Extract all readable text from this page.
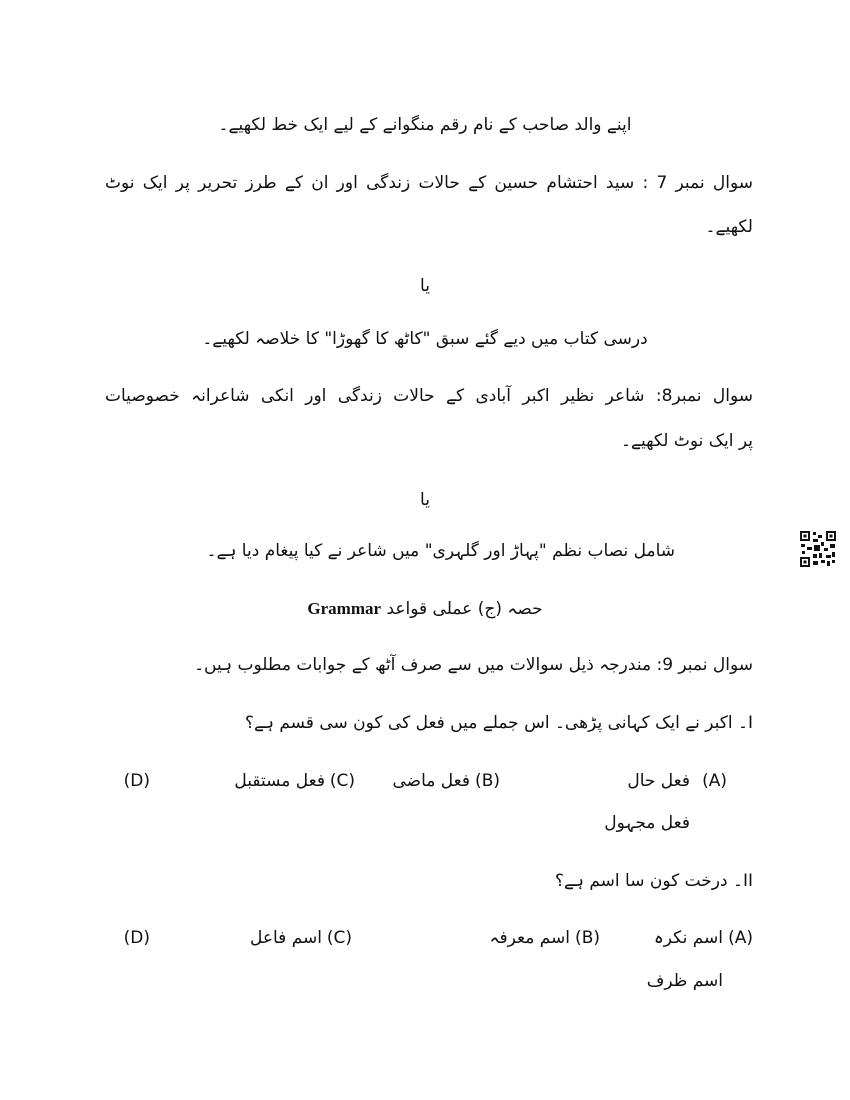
اپنے والد صاحب کے نام رقم منگوانے کے لیے ایک خط لکھیے۔
سوال نمبر 7 : سید احتشام حسین کے حالات زندگی اور ان کے طرز تحریر پر ایک نوٹ
لکھیے۔
یا
درسی کتاب میں دیے گئے سبق "کاٹھ کا گھوڑا" کا خلاصہ لکھیے۔
سوال نمبر8: شاعر نظیر اکبر آبادی کے حالات زندگی اور انکی شاعرانہ خصوصیات
پر ایک نوٹ لکھیے۔
یا
شامل نصاب نظم "پہاڑ اور گلہری" میں شاعر نے کیا پیغام دیا ہے۔
حصہ (ج) عملی قواعد Grammar
سوال نمبر 9: مندرجہ ذیل سوالات میں سے صرف آٹھ کے جوابات مطلوب ہیں۔
I۔ اکبر نے ایک کہانی پڑھی۔ اس جملے میں فعل کی کون سی قسم ہے؟
(A)
فعل حال
(B)
فعل ماضی
(C)
فعل مستقبل
(D)
فعل مجہول
II۔ درخت کون سا اسم ہے؟
(A)
اسم نکرہ
(B)
اسم معرفہ
(C)
اسم فاعل
(D)
اسم ظرف
